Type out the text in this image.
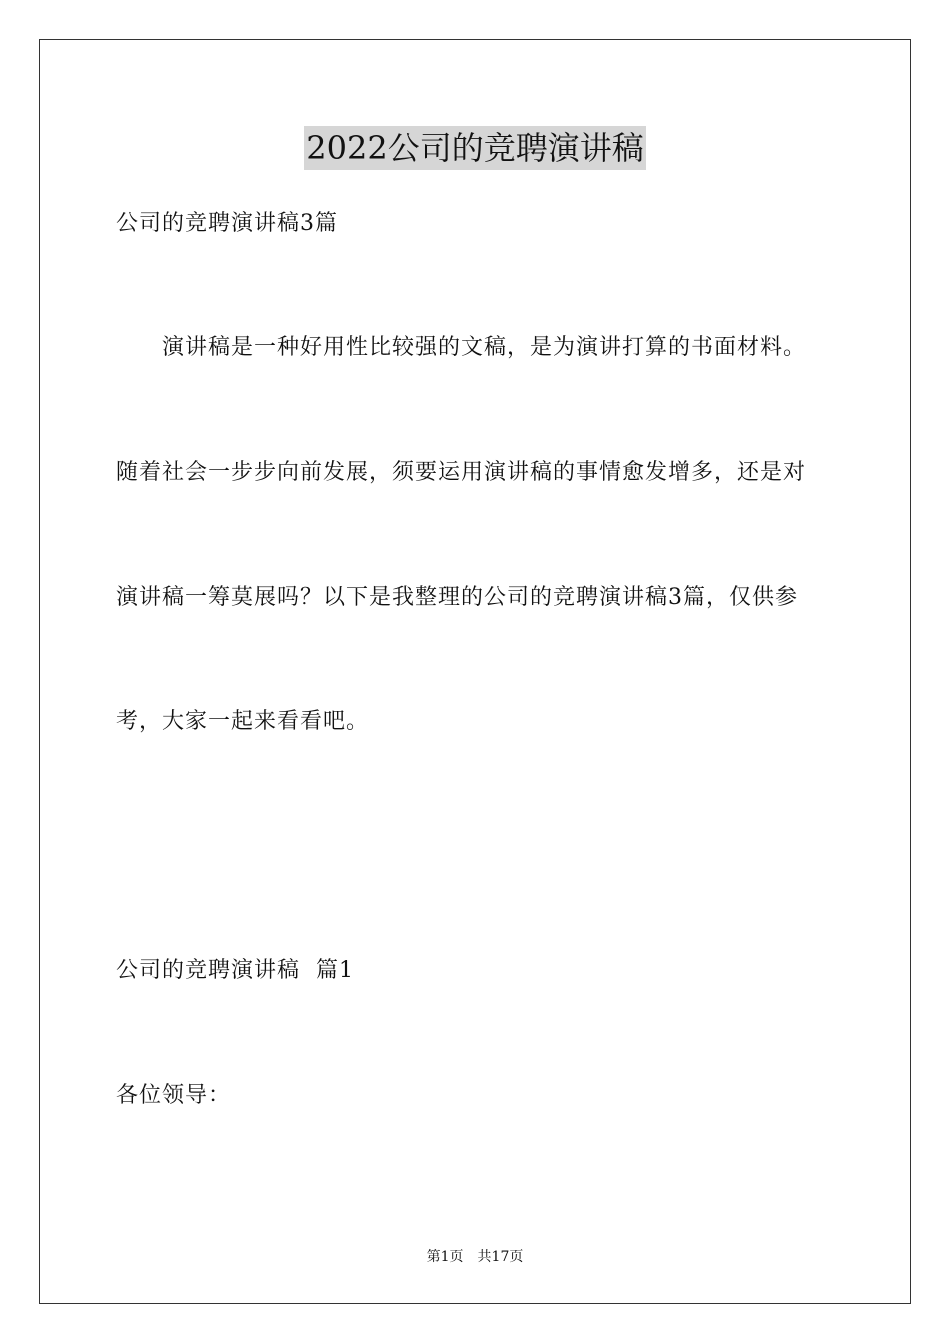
2022公司的竞聘演讲稿
公司的竞聘演讲稿3篇
演讲稿是一种好用性比较强的文稿，是为演讲打算的书面材料。
随着社会一步步向前发展，须要运用演讲稿的事情愈发增多，还是对
演讲稿一筹莫展吗？以下是我整理的公司的竞聘演讲稿3篇，仅供参
考，大家一起来看看吧。
公司的竞聘演讲稿  篇1
各位领导：
第1页 共17页
